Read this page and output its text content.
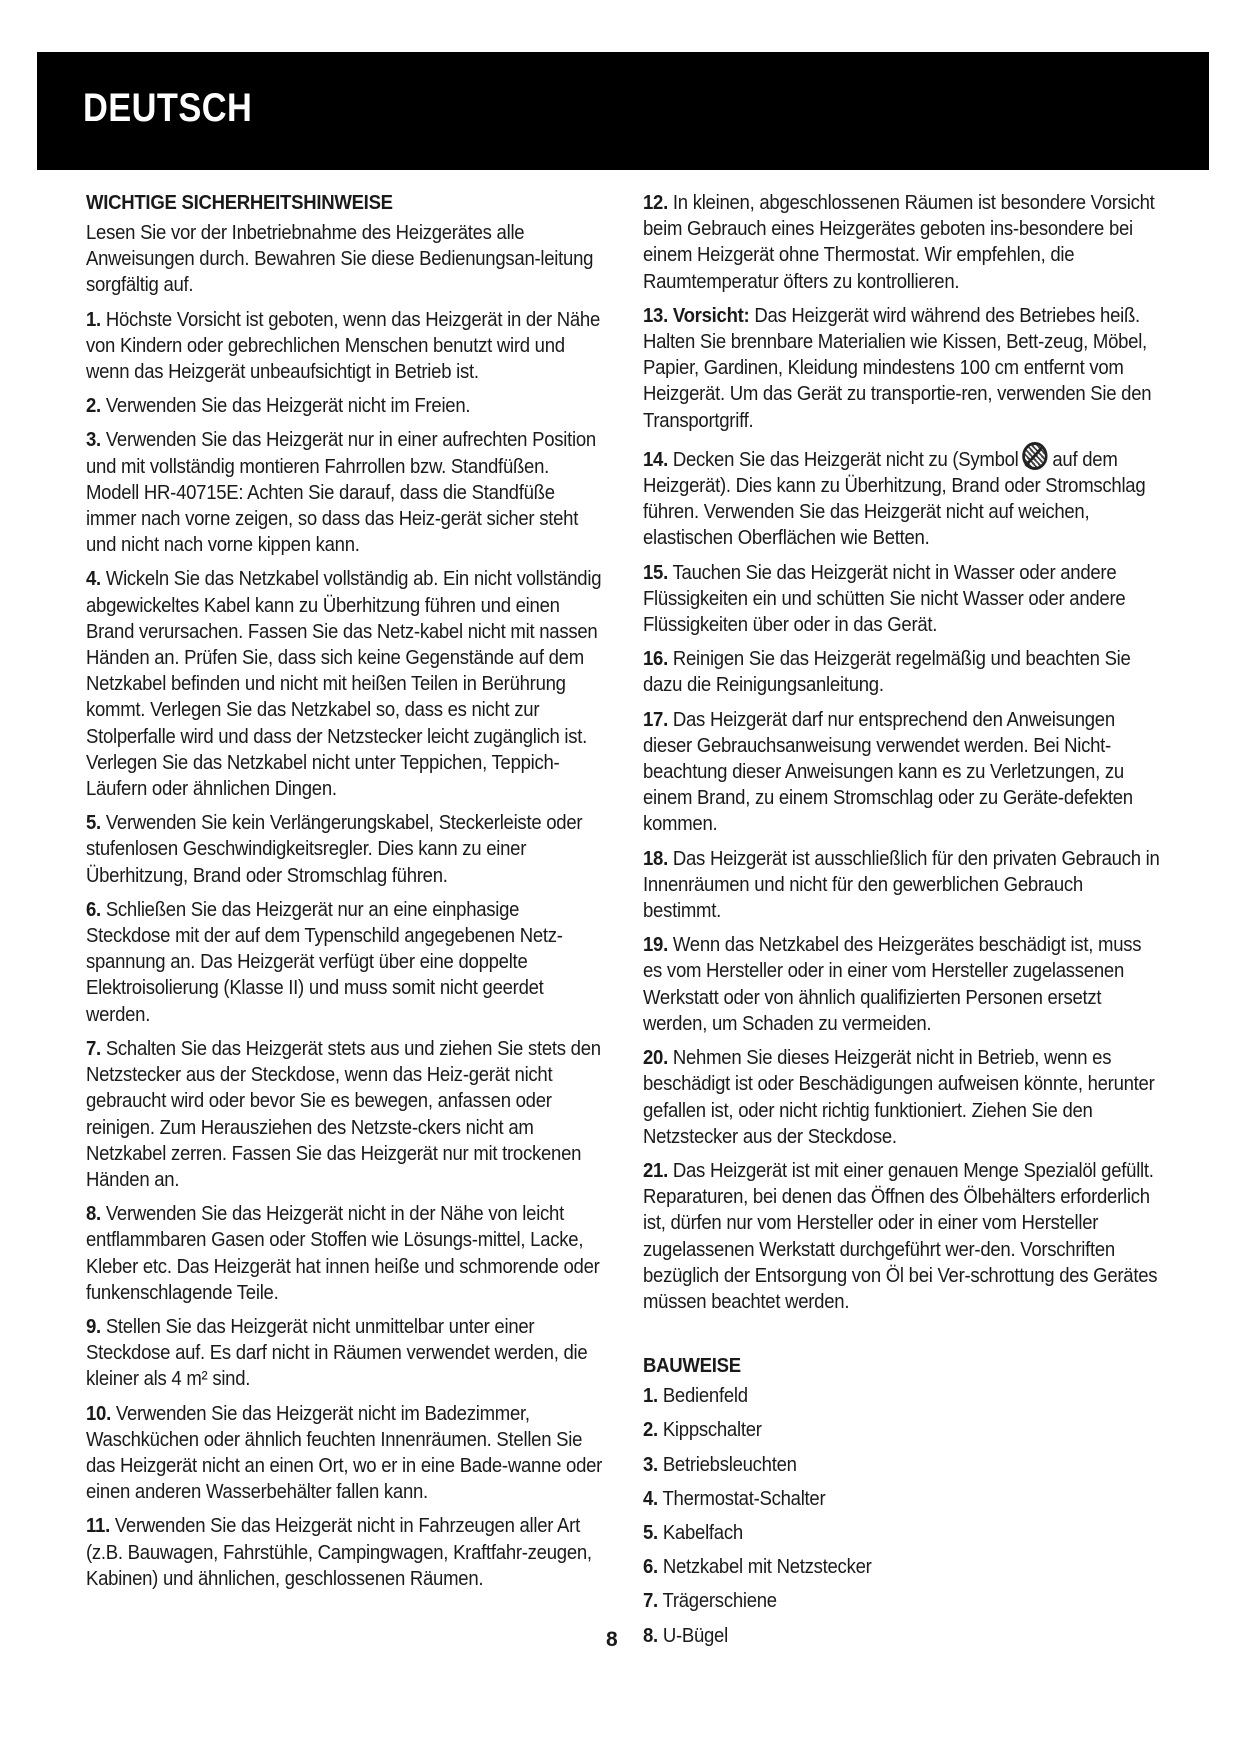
DEUTSCH
WICHTIGE SICHERHEITSHINWEISE

Lesen Sie vor der Inbetriebnahme des Heizgerätes alle Anweisungen durch. Bewahren Sie diese Bedienungsan-leitung sorgfältig auf.

1. Höchste Vorsicht ist geboten, wenn das Heizgerät in der Nähe von Kindern oder gebrechlichen Menschen benutzt wird und wenn das Heizgerät unbeaufsichtigt in Betrieb ist.

2. Verwenden Sie das Heizgerät nicht im Freien.

3. Verwenden Sie das Heizgerät nur in einer aufrechten Position und mit vollständig montieren Fahrrollen bzw. Standfüßen. Modell HR-40715E: Achten Sie darauf, dass die Standfüße immer nach vorne zeigen, so dass das Heiz-gerät sicher steht und nicht nach vorne kippen kann.

4. Wickeln Sie das Netzkabel vollständig ab. Ein nicht vollständig abgewickeltes Kabel kann zu Überhitzung führen und einen Brand verursachen. Fassen Sie das Netz-kabel nicht mit nassen Händen an. Prüfen Sie, dass sich keine Gegenstände auf dem Netzkabel befinden und nicht mit heißen Teilen in Berührung kommt. Verlegen Sie das Netzkabel so, dass es nicht zur Stolperfalle wird und dass der Netzstecker leicht zugänglich ist. Verlegen Sie das Netzkabel nicht unter Teppichen, Teppich-Läufern oder ähnlichen Dingen.

5. Verwenden Sie kein Verlängerungskabel, Steckerleiste oder stufenlosen Geschwindigkeitsregler. Dies kann zu einer Überhitzung, Brand oder Stromschlag führen.

6. Schließen Sie das Heizgerät nur an eine einphasige Steckdose mit der auf dem Typenschild angegebenen Netz-spannung an. Das Heizgerät verfügt über eine doppelte Elektroisolierung (Klasse II) und muss somit nicht geerdet werden.

7. Schalten Sie das Heizgerät stets aus und ziehen Sie stets den Netzstecker aus der Steckdose, wenn das Heiz-gerät nicht gebraucht wird oder bevor Sie es bewegen, anfassen oder reinigen. Zum Herausziehen des Netzste-ckers nicht am Netzkabel zerren. Fassen Sie das Heizgerät nur mit trockenen Händen an.

8. Verwenden Sie das Heizgerät nicht in der Nähe von leicht entflammbaren Gasen oder Stoffen wie Lösungs-mittel, Lacke, Kleber etc. Das Heizgerät hat innen heiße und schmorende oder funkenschlagende Teile.

9. Stellen Sie das Heizgerät nicht unmittelbar unter einer Steckdose auf. Es darf nicht in Räumen verwendet werden, die kleiner als 4 m² sind.

10. Verwenden Sie das Heizgerät nicht im Badezimmer, Waschküchen oder ähnlich feuchten Innenräumen. Stellen Sie das Heizgerät nicht an einen Ort, wo er in eine Bade-wanne oder einen anderen Wasserbehälter fallen kann.

11. Verwenden Sie das Heizgerät nicht in Fahrzeugen aller Art (z.B. Bauwagen, Fahrstühle, Campingwagen, Kraftfahr-zeugen, Kabinen) und ähnlichen, geschlossenen Räumen.

12. In kleinen, abgeschlossenen Räumen ist besondere Vorsicht beim Gebrauch eines Heizgerätes geboten ins-besondere bei einem Heizgerät ohne Thermostat. Wir empfehlen, die Raumtemperatur öfters zu kontrollieren.

13. Vorsicht: Das Heizgerät wird während des Betriebes heiß. Halten Sie brennbare Materialien wie Kissen, Bett-zeug, Möbel, Papier, Gardinen, Kleidung mindestens 100 cm entfernt vom Heizgerät. Um das Gerät zu transportie-ren, verwenden Sie den Transportgriff.

14. Decken Sie das Heizgerät nicht zu (Symbol auf dem Heizgerät). Dies kann zu Überhitzung, Brand oder Stromschlag führen. Verwenden Sie das Heizgerät nicht auf weichen, elastischen Oberflächen wie Betten.

15. Tauchen Sie das Heizgerät nicht in Wasser oder andere Flüssigkeiten ein und schütten Sie nicht Wasser oder andere Flüssigkeiten über oder in das Gerät.

16. Reinigen Sie das Heizgerät regelmäßig und beachten Sie dazu die Reinigungsanleitung.

17. Das Heizgerät darf nur entsprechend den Anweisungen dieser Gebrauchsanweisung verwendet werden. Bei Nicht-beachtung dieser Anweisungen kann es zu Verletzungen, zu einem Brand, zu einem Stromschlag oder zu Geräte-defekten kommen.

18. Das Heizgerät ist ausschließlich für den privaten Gebrauch in Innenräumen und nicht für den gewerblichen Gebrauch bestimmt.

19. Wenn das Netzkabel des Heizgerätes beschädigt ist, muss es vom Hersteller oder in einer vom Hersteller zugelassenen Werkstatt oder von ähnlich qualifizierten Personen ersetzt werden, um Schaden zu vermeiden.

20. Nehmen Sie dieses Heizgerät nicht in Betrieb, wenn es beschädigt ist oder Beschädigungen aufweisen könnte, herunter gefallen ist, oder nicht richtig funktioniert. Ziehen Sie den Netzstecker aus der Steckdose.

21. Das Heizgerät ist mit einer genauen Menge Spezialöl gefüllt. Reparaturen, bei denen das Öffnen des Ölbehälters erforderlich ist, dürfen nur vom Hersteller oder in einer vom Hersteller zugelassenen Werkstatt durchgeführt wer-den. Vorschriften bezüglich der Entsorgung von Öl bei Ver-schrottung des Gerätes müssen beachtet werden.

BAUWEISE

1. Bedienfeld

2. Kippschalter

3. Betriebsleuchten

4. Thermostat-Schalter

5. Kabelfach

6. Netzkabel mit Netzstecker

7. Trägerschiene

8. U-Bügel

8
